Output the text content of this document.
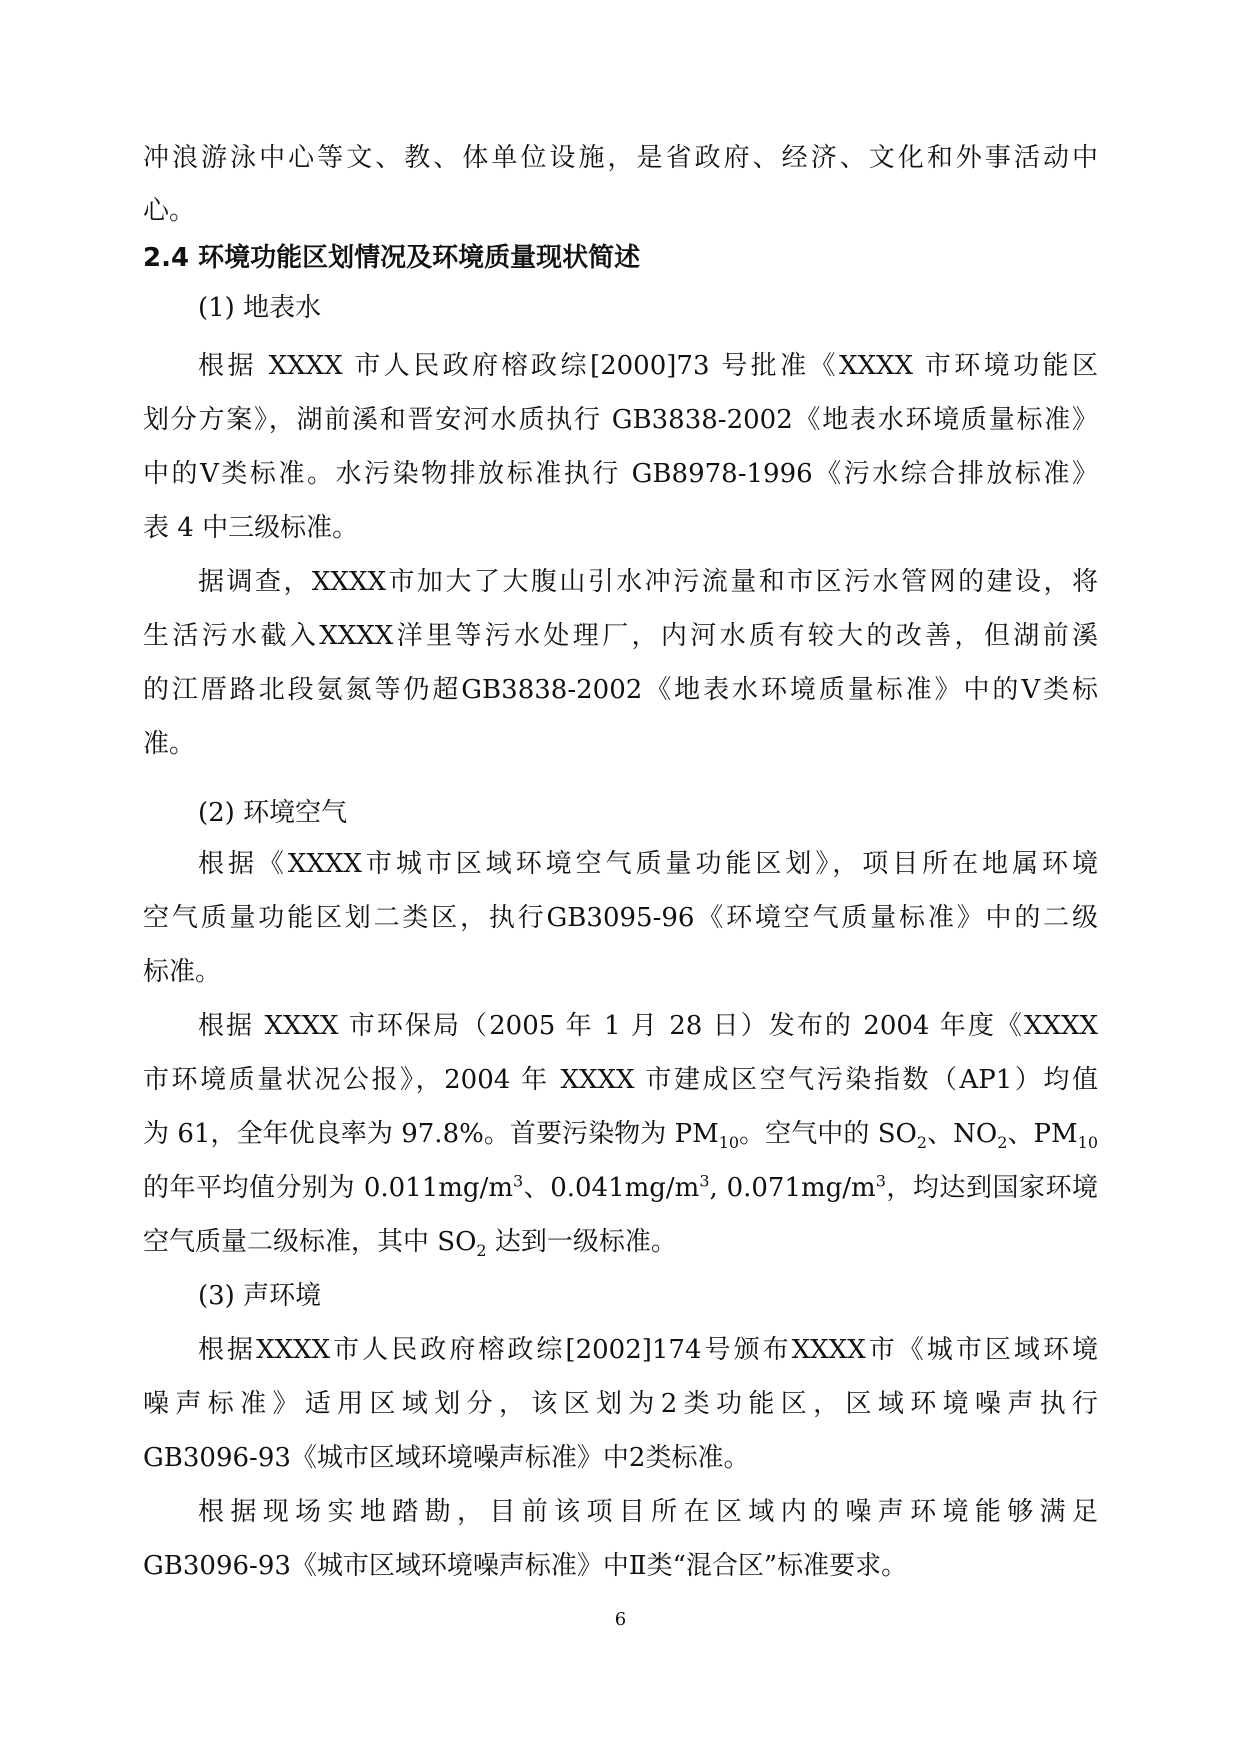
冲浪游泳中心等文、教、体单位设施，是省政府、经济、文化和外事活动中

心。

2.4 环境功能区划情况及环境质量现状简述

(1) 地表水

根据 XXXX 市人民政府榕政综[2000]73 号批准《XXXX 市环境功能区

划分方案》，湖前溪和晋安河水质执行 GB3838-2002《地表水环境质量标准》

中的Ⅴ类标准。水污染物排放标准执行 GB8978-1996《污水综合排放标准》

表 4 中三级标准。

据调查，XXXX市加大了大腹山引水冲污流量和市区污水管网的建设，将

生活污水截入XXXX洋里等污水处理厂，内河水质有较大的改善，但湖前溪

的江厝路北段氨氮等仍超GB3838-2002《地表水环境质量标准》中的Ⅴ类标

准。

(2) 环境空气

根据《XXXX市城市区域环境空气质量功能区划》，项目所在地属环境

空气质量功能区划二类区，执行GB3095-96《环境空气质量标准》中的二级

标准。

根据 XXXX 市环保局（2005 年 1 月 28 日）发布的 2004 年度《XXXX

市环境质量状况公报》，2004 年 XXXX 市建成区空气污染指数（AP1）均值

为 61，全年优良率为 97.8%。首要污染物为 $PM_{10}$。空气中的 $SO_2$、$NO_2$、$PM_{10}$

的年平均值分别为 $0.011mg/m^3$、$0.041mg/m^3$, $0.071mg/m^3$，均达到国家环境

空气质量二级标准，其中 $SO_2$ 达到一级标准。

(3) 声环境

根据XXXX市人民政府榕政综[2002]174号颁布XXXX市《城市区域环境

噪声标准》适用区域划分，该区划为2类功能区，区域环境噪声执行

GB3096-93《城市区域环境噪声标准》中2类标准。

根据现场实地踏勘，目前该项目所在区域内的噪声环境能够满足

GB3096-93《城市区域环境噪声标准》中Ⅱ类“混合区”标准要求。

6
